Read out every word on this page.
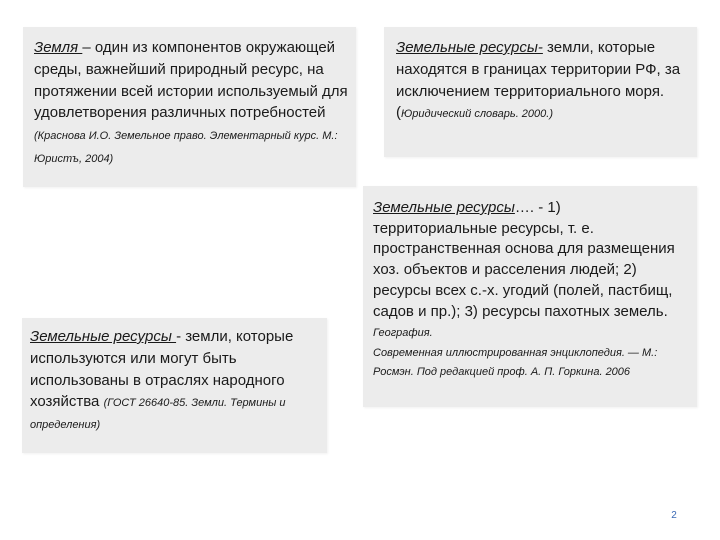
Земля – один из компонентов окружающей среды, важнейший природный ресурс, на протяжении всей истории используемый для удовлетворения различных потребностей (Краснова И.О. Земельное право. Элементарный курс. М.: Юристъ, 2004)

Земельные ресурсы- земли, которые находятся в границах территории РФ, за исключением территориального моря.
(Юридический словарь. 2000.)

Земельные ресурсы…. - 1) территориальные ресурсы, т. е. пространственная основа для размещения хоз. объектов и расселения людей; 2) ресурсы всех с.-х. угодий (полей, пастбищ, садов и пр.); 3) ресурсы пахотных земель. География.

Современная иллюстрированная энциклопедия. — М.: Росмэн. Под редакцией проф. А. П. Горкина. 2006

Земельные ресурсы - земли, которые используются или могут быть использованы в отраслях народного хозяйства (ГОСТ 26640-85. Земли. Термины и определения)

2
